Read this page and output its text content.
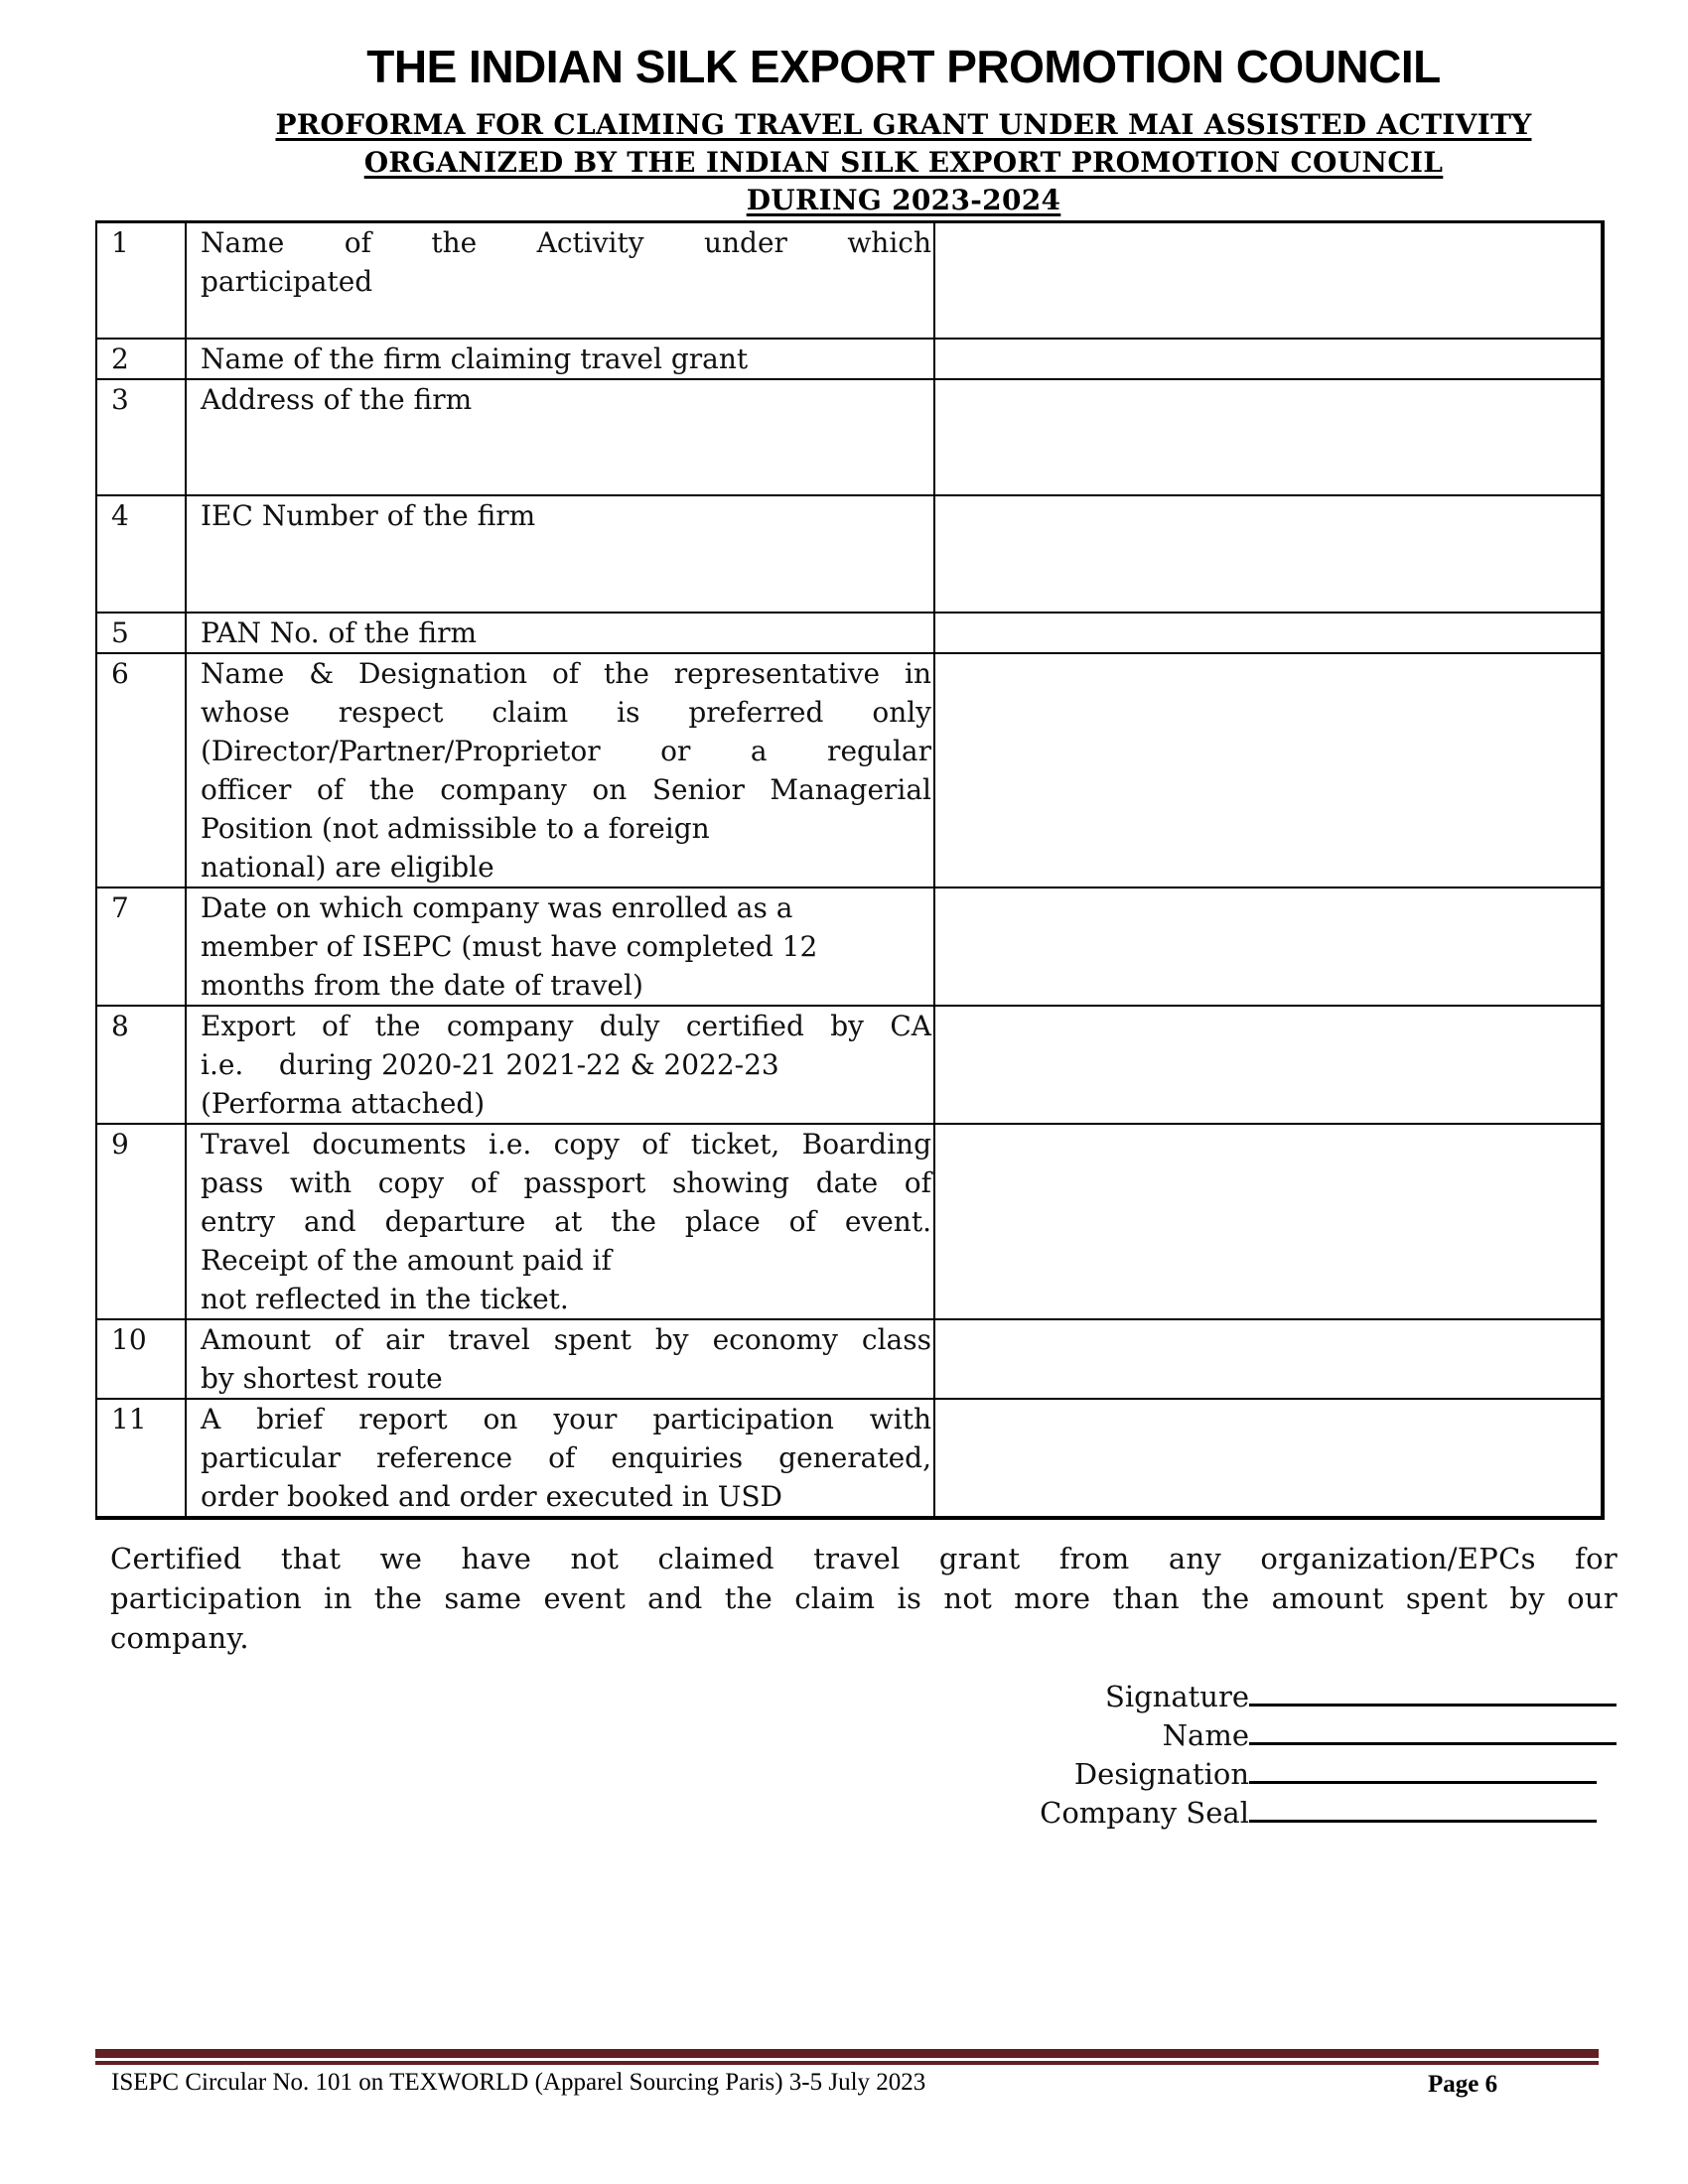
THE INDIAN SILK EXPORT PROMOTION COUNCIL
PROFORMA FOR CLAIMING TRAVEL GRANT UNDER MAI ASSISTED ACTIVITY
ORGANIZED BY THE INDIAN SILK EXPORT PROMOTION COUNCIL
DURING 2023-2024
1	Name of the Activity under which
participated	

2	Name of the firm claiming travel grant	

3	Address of the firm	

4	IEC Number of the firm	

5	PAN No. of the firm	

6	Name & Designation of the representative in
whose respect claim is preferred only
(Director/Partner/Proprietor or a regular
officer of the company on Senior Managerial
Position (not admissible to a foreign
national) are eligible

7	Date on which company was enrolled as a
member of ISEPC (must have completed 12
months from the date of travel)	

8	Export of the company duly certified by CA
i.e.    during 2020-21 2021-22 & 2022-23
(Performa attached)	

9	Travel documents i.e. copy of ticket, Boarding
pass with copy of passport showing date of
entry and departure at the place of event.
Receipt of the amount paid if
not reflected in the ticket.	

10	Amount of air travel spent by economy class
by shortest route	

11	A brief report on your participation with
particular reference of enquiries generated,
order booked and order executed in USD	

Certified that we have not claimed travel grant from any organization/EPCs for
participation in the same event and the claim is not more than the amount spent by our
company.
Signature
Name
Designation
Company Seal
ISEPC Circular No. 101 on TEXWORLD (Apparel Sourcing Paris) 3-5 July 2023	Page 6
